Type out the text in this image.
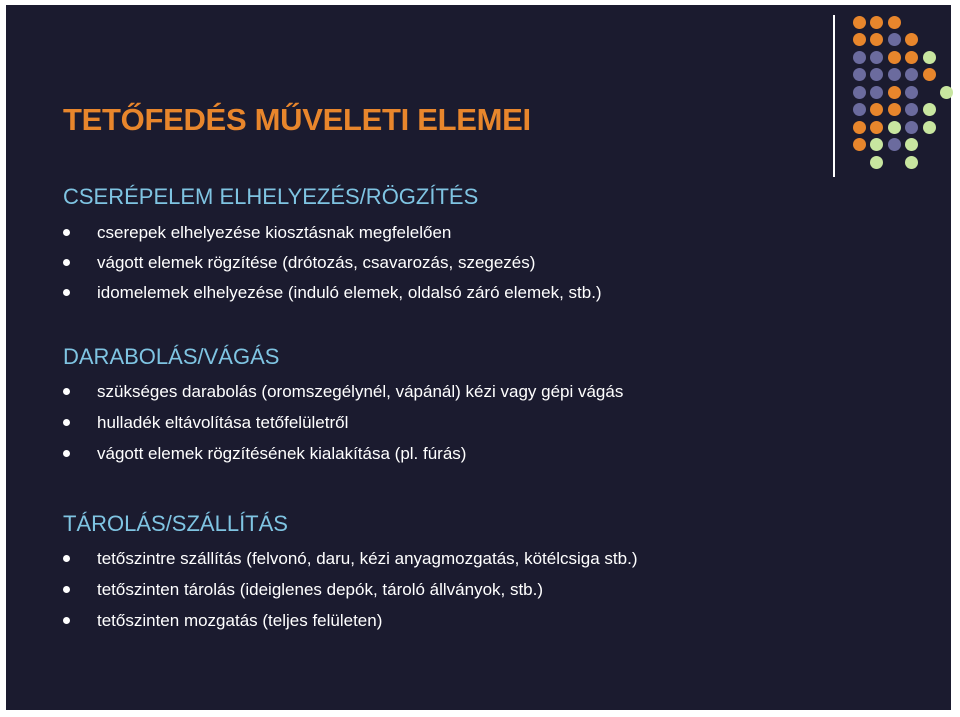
TETŐFEDÉS MŰVELETI ELEMEI
CSERÉPELEM ELHELYEZÉS/RÖGZÍTÉS
cserepek elhelyezése kiosztásnak megfelelően
vágott elemek rögzítése (drótozás, csavarozás, szegezés)
idomelemek elhelyezése (induló elemek, oldalsó záró elemek, stb.)
DARABOLÁS/VÁGÁS
szükséges darabolás (oromszegélynél, vápánál) kézi vagy gépi vágás
hulladék eltávolítása tetőfelületről
vágott elemek rögzítésének kialakítása (pl. fúrás)
TÁROLÁS/SZÁLLÍTÁS
tetőszintre szállítás (felvonó, daru, kézi anyagmozgatás, kötélcsiga stb.)
tetőszinten tárolás (ideiglenes depók, tároló állványok, stb.)
tetőszinten mozgatás (teljes felületen)
